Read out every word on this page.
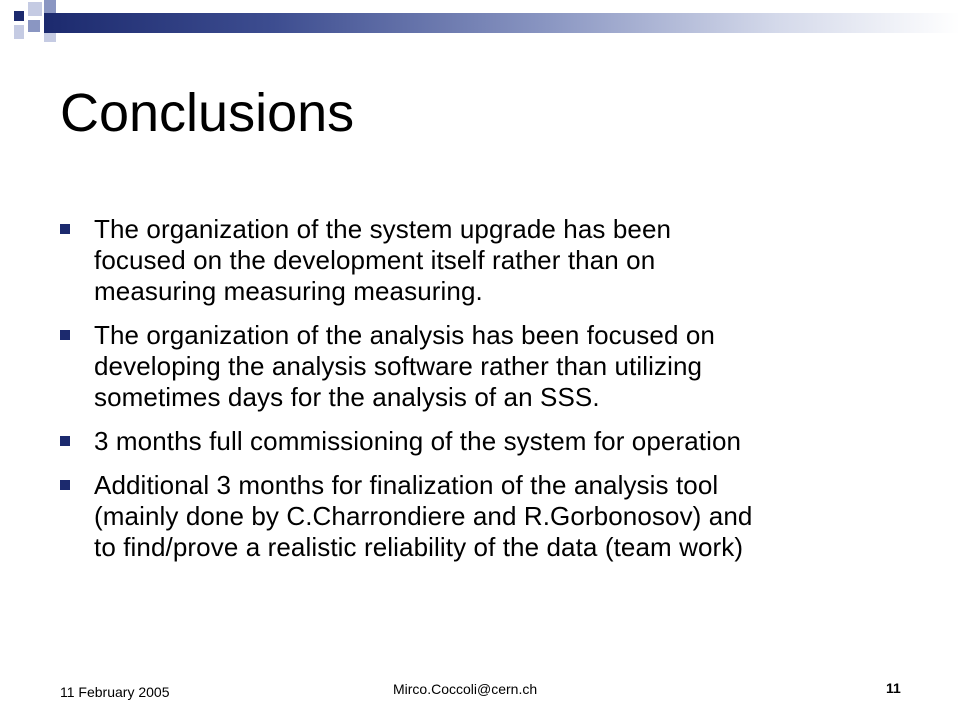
Conclusions
The organization of the system upgrade has been
focused on the development itself rather than on
measuring measuring measuring.
The organization of the analysis has been focused on
developing the analysis software rather than utilizing
sometimes days for the analysis of an SSS.
3 months full commissioning of the system for operation
Additional 3 months for finalization of the analysis tool
(mainly done by C.Charrondiere and R.Gorbonosov) and
to find/prove a realistic reliability of the data (team work)
11 February 2005	Mirco.Coccoli@cern.ch	11
